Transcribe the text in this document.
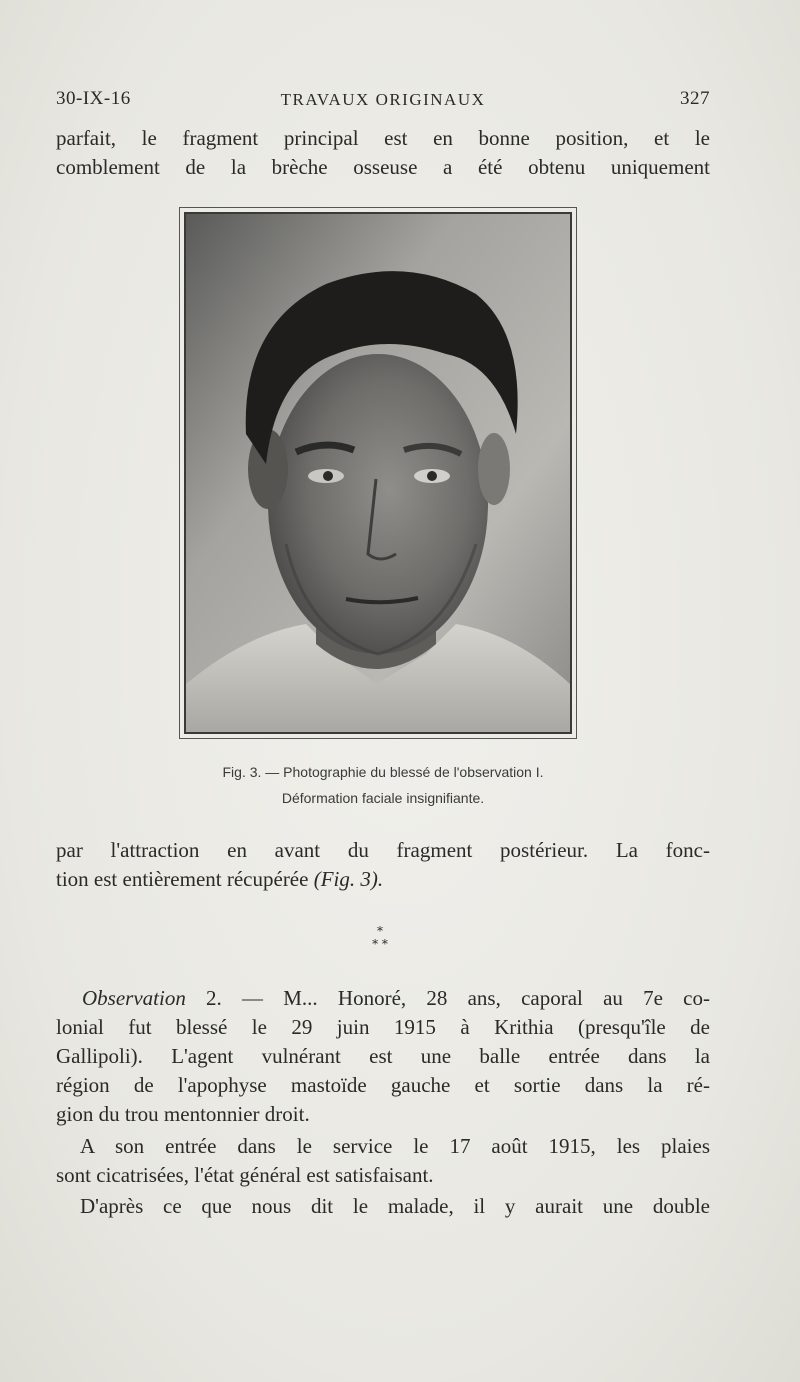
30-IX-16	TRAVAUX ORIGINAUX	327
parfait, le fragment principal est en bonne position, et le
comblement de la brèche osseuse a été obtenu uniquement
Fig. 3. — Photographie du blessé de l'observation I.
Déformation faciale insignifiante.
par l'attraction en avant du fragment postérieur. La fonc-
tion est entièrement récupérée (Fig. 3).
*
* *
Observation 2. — M... Honoré, 28 ans, caporal au 7e co-
lonial fut blessé le 29 juin 1915 à Krithia (presqu'île de
Gallipoli). L'agent vulnérant est une balle entrée dans la
région de l'apophyse mastoïde gauche et sortie dans la ré-
gion du trou mentonnier droit.
A son entrée dans le service le 17 août 1915, les plaies
sont cicatrisées, l'état général est satisfaisant.
D'après ce que nous dit le malade, il y aurait une double
